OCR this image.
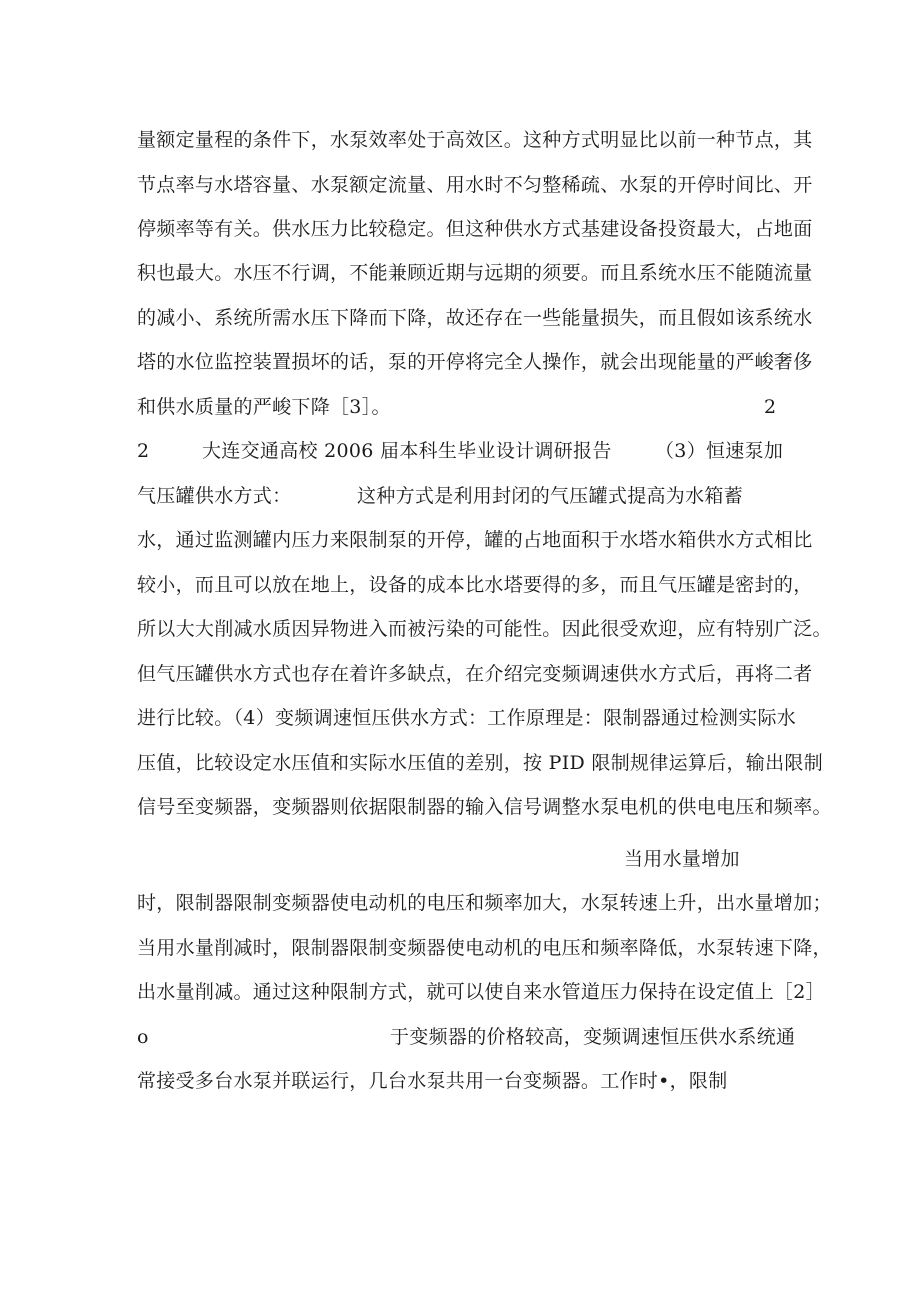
量额定量程的条件下，水泵效率处于高效区。这种方式明显比以前一种节点，其
节点率与水塔容量、水泵额定流量、用水时不匀整稀疏、水泵的开停时间比、开
停频率等有关。供水压力比较稳定。但这种供水方式基建设备投资最大，占地面
积也最大。水压不行调，不能兼顾近期与远期的须要。而且系统水压不能随流量
的减小、系统所需水压下降而下降，故还存在一些能量损失，而且假如该系统水
塔的水位监控装置损坏的话，泵的开停将完全人操作，就会出现能量的严峻奢侈
和供水质量的严峻下降［3］。	2
2	大连交通高校 2006 届本科生毕业设计调研报告 （3）恒速泵加
气压罐供水方式：	这种方式是利用封闭的气压罐式提高为水箱蓄
水，通过监测罐内压力来限制泵的开停，罐的占地面积于水塔水箱供水方式相比
较小，而且可以放在地上，设备的成本比水塔要得的多，而且气压罐是密封的，
所以大大削减水质因异物进入而被污染的可能性。因此很受欢迎，应有特别广泛。
但气压罐供水方式也存在着许多缺点，在介绍完变频调速供水方式后，再将二者
进行比较。（4）变频调速恒压供水方式：工作原理是：限制器通过检测实际水
压值，比较设定水压值和实际水压值的差别，按 PID 限制规律运算后，输出限制
信号至变频器，变频器则依据限制器的输入信号调整水泵电机的供电电压和频率。
当用水量增加
时，限制器限制变频器使电动机的电压和频率加大，水泵转速上升，出水量增加；
当用水量削减时，限制器限制变频器使电动机的电压和频率降低，水泵转速下降，
出水量削减。通过这种限制方式，就可以使自来水管道压力保持在设定值上［2］
o	于变频器的价格较高，变频调速恒压供水系统通
常接受多台水泵并联运行，几台水泵共用一台变频器。工作时•，限制
